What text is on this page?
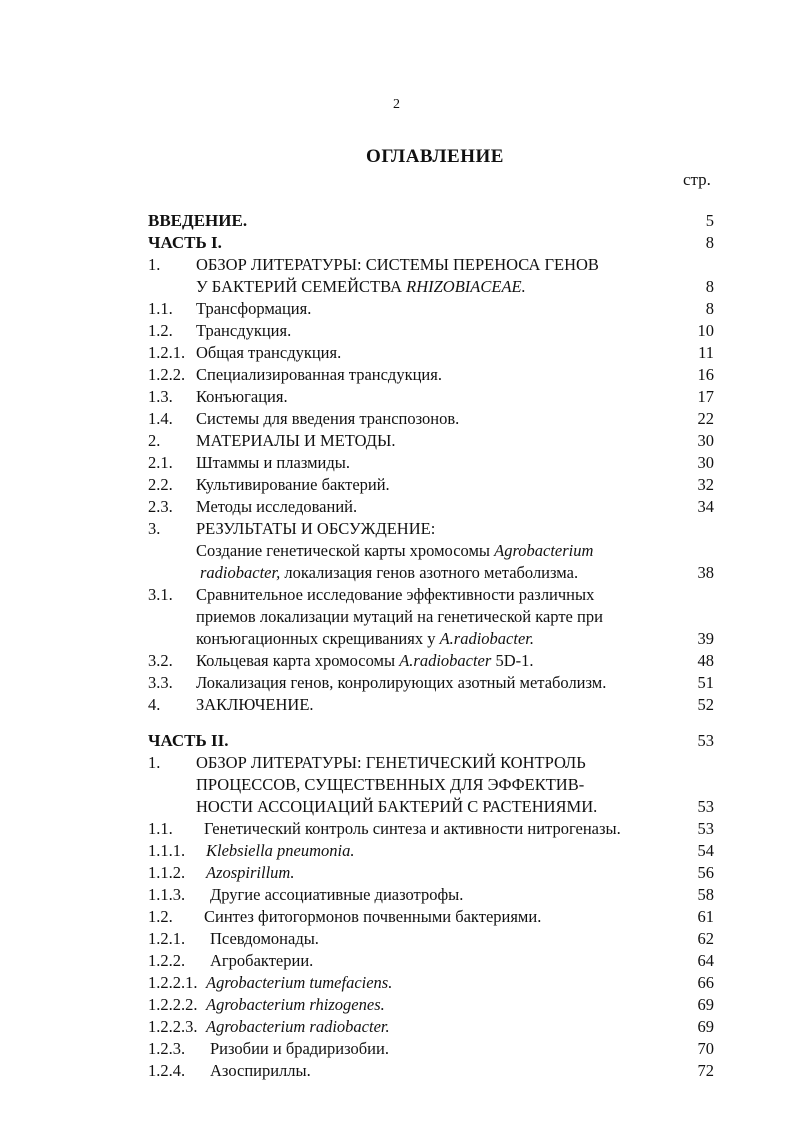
2
ОГЛАВЛЕНИЕ
стр.
ВВЕДЕНИЕ.	5
ЧАСТЬ I.	8
1. ОБЗОР ЛИТЕРАТУРЫ: СИСТЕМЫ ПЕРЕНОСА ГЕНОВ
У БАКТЕРИЙ СЕМЕЙСТВА RHIZOBIACEAE.	8
1.1. Трансформация.	8
1.2. Трансдукция.	10
1.2.1. Общая трансдукция.	11
1.2.2. Специализированная трансдукция.	16
1.3. Конъюгация.	17
1.4. Системы для введения транспозонов.	22
2. МАТЕРИАЛЫ И МЕТОДЫ.	30
2.1. Штаммы и плазмиды.	30
2.2. Культивирование бактерий.	32
2.3. Методы исследований.	34
3. РЕЗУЛЬТАТЫ И ОБСУЖДЕНИЕ:
Создание генетической карты хромосомы Agrobacterium
radiobacter, локализация генов азотного метаболизма.	38
3.1. Сравнительное исследование эффективности различных
приемов локализации мутаций на генетической карте при
конъюгационных скрещиваниях у A.radiobacter.	39
3.2. Кольцевая карта хромосомы A.radiobacter 5D-1.	48
3.3. Локализация генов, конролирующих азотный метаболизм.	51
4. ЗАКЛЮЧЕНИЕ.	52
ЧАСТЬ II.	53
1. ОБЗОР ЛИТЕРАТУРЫ: ГЕНЕТИЧЕСКИЙ КОНТРОЛЬ
ПРОЦЕССОВ, СУЩЕСТВЕННЫХ ДЛЯ ЭФФЕКТИВ-
НОСТИ АССОЦИАЦИЙ БАКТЕРИЙ С РАСТЕНИЯМИ.	53
1.1. Генетический контроль синтеза и активности нитрогеназы.	53
1.1.1. Klebsiella pneumonia.	54
1.1.2. Azospirillum.	56
1.1.3. Другие ассоциативные диазотрофы.	58
1.2. Синтез фитогормонов почвенными бактериями.	61
1.2.1. Псевдомонады.	62
1.2.2. Агробактерии.	64
1.2.2.1. Agrobacterium tumefaciens.	66
1.2.2.2. Agrobacterium rhizogenes.	69
1.2.2.3. Agrobacterium radiobacter.	69
1.2.3. Ризобии и брадиризобии.	70
1.2.4. Азоспириллы.	72
